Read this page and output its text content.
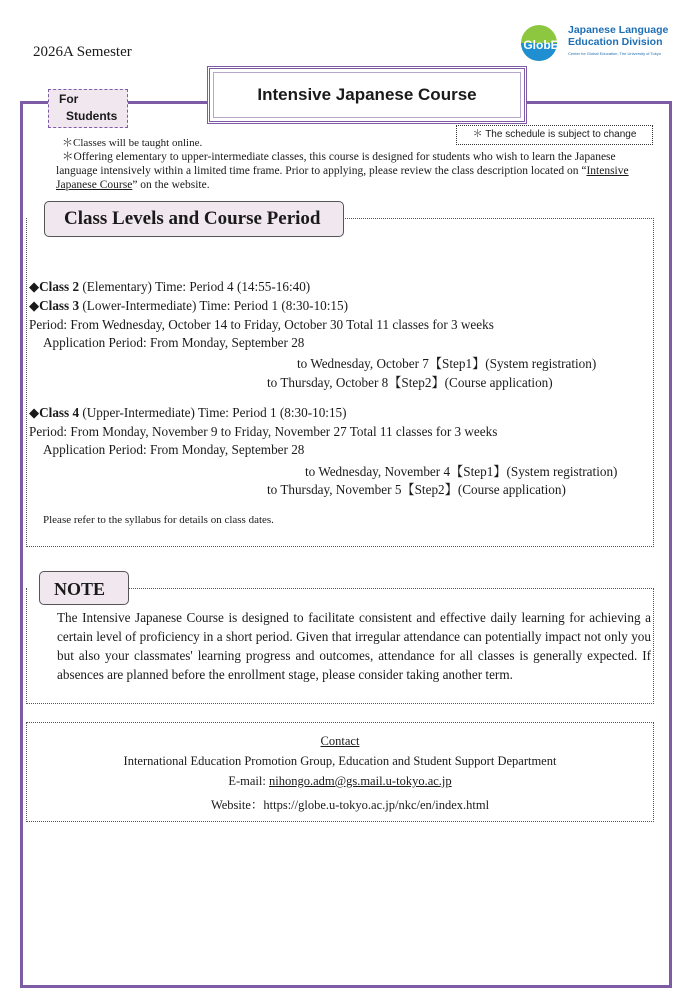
2026A Semester	GlobE
Japanese Language
Education Division
Center for Global Education, The University of Tokyo
Intensive Japanese Course
For
Students
＊ The schedule is subject to change
＊Classes will be taught online.
＊Offering elementary to upper-intermediate classes, this course is designed for students who wish to learn the Japanese language intensively within a limited time frame. Prior to applying, please review the class description located on “Intensive Japanese Course” on the website.
Class Levels and Course Period
◆Class 2 (Elementary) Time: Period 4 (14:55-16:40)
◆Class 3 (Lower-Intermediate) Time: Period 1 (8:30-10:15)
Period: From Wednesday, October 14 to Friday, October 30 Total 11 classes for 3 weeks
Application Period: From Monday, September 28
to Wednesday, October 7【Step1】(System registration)
to Thursday, October 8【Step2】(Course application)
◆Class 4 (Upper-Intermediate) Time: Period 1 (8:30-10:15)
Period: From Monday, November 9 to Friday, November 27 Total 11 classes for 3 weeks
Application Period: From Monday, September 28
to Wednesday, November 4【Step1】(System registration)
to Thursday, November 5【Step2】(Course application)
Please refer to the syllabus for details on class dates.
NOTE
The Intensive Japanese Course is designed to facilitate consistent and effective daily learning for achieving a certain level of proficiency in a short period. Given that irregular attendance can potentially impact not only you but also your classmates' learning progress and outcomes, attendance for all classes is generally expected. If absences are planned before the enrollment stage, please consider taking another term.
Contact
International Education Promotion Group, Education and Student Support Department
E-mail: nihongo.adm@gs.mail.u-tokyo.ac.jp
Website：https://globe.u-tokyo.ac.jp/nkc/en/index.html
